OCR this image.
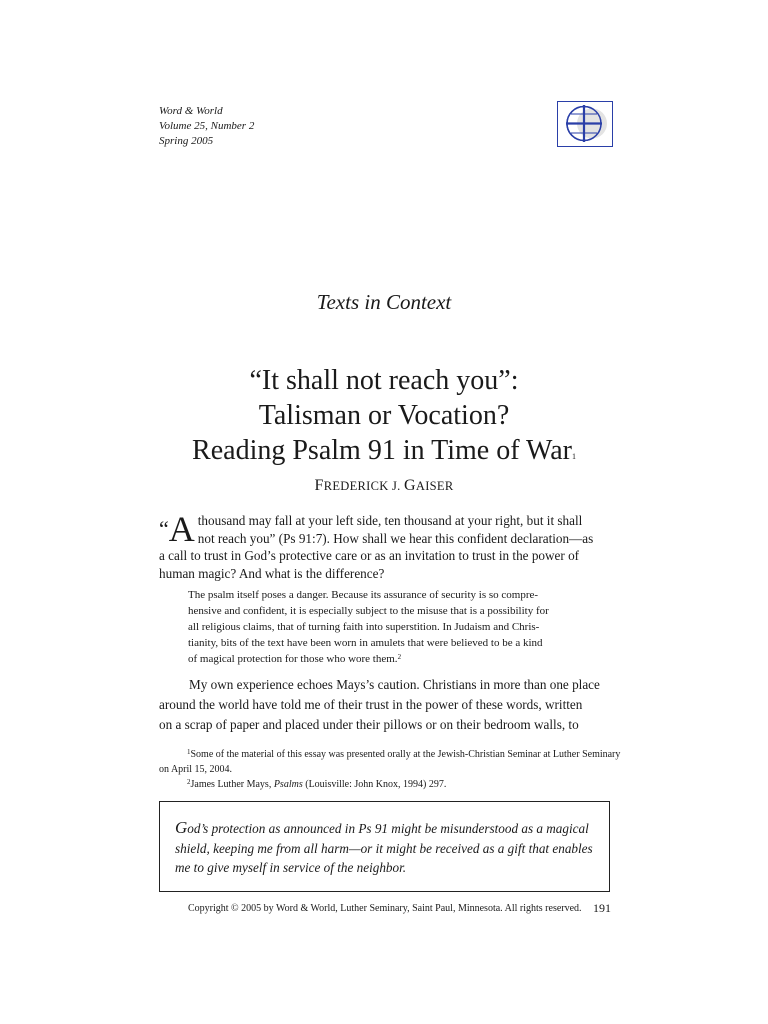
Word & World
Volume 25, Number 2
Spring 2005
Texts in Context
“It shall not reach you”:
Talisman or Vocation?
Reading Psalm 91 in Time of War$^1$
FREDERICK J. GAISER
“A thousand may fall at your left side, ten thousand at your right, but it shall
not reach you” (Ps 91:7). How shall we hear this confident declaration—as
a call to trust in God’s protective care or as an invitation to trust in the power of
human magic? And what is the difference?
The psalm itself poses a danger. Because its assurance of security is so compre-
hensive and confident, it is especially subject to the misuse that is a possibility for
all religious claims, that of turning faith into superstition. In Judaism and Chris-
tianity, bits of the text have been worn in amulets that were believed to be a kind
of magical protection for those who wore them.$^2$
My own experience echoes Mays’s caution. Christians in more than one place
around the world have told me of their trust in the power of these words, written
on a scrap of paper and placed under their pillows or on their bedroom walls, to
$^1$Some of the material of this essay was presented orally at the Jewish-Christian Seminar at Luther Seminary
on April 15, 2004.
$^2$James Luther Mays, Psalms (Louisville: John Knox, 1994) 297.
God’s protection as announced in Ps 91 might be misunderstood as a magical
shield, keeping me from all harm—or it might be received as a gift that enables
me to give myself in service of the neighbor.
Copyright © 2005 by Word & World, Luther Seminary, Saint Paul, Minnesota. All rights reserved. 191
